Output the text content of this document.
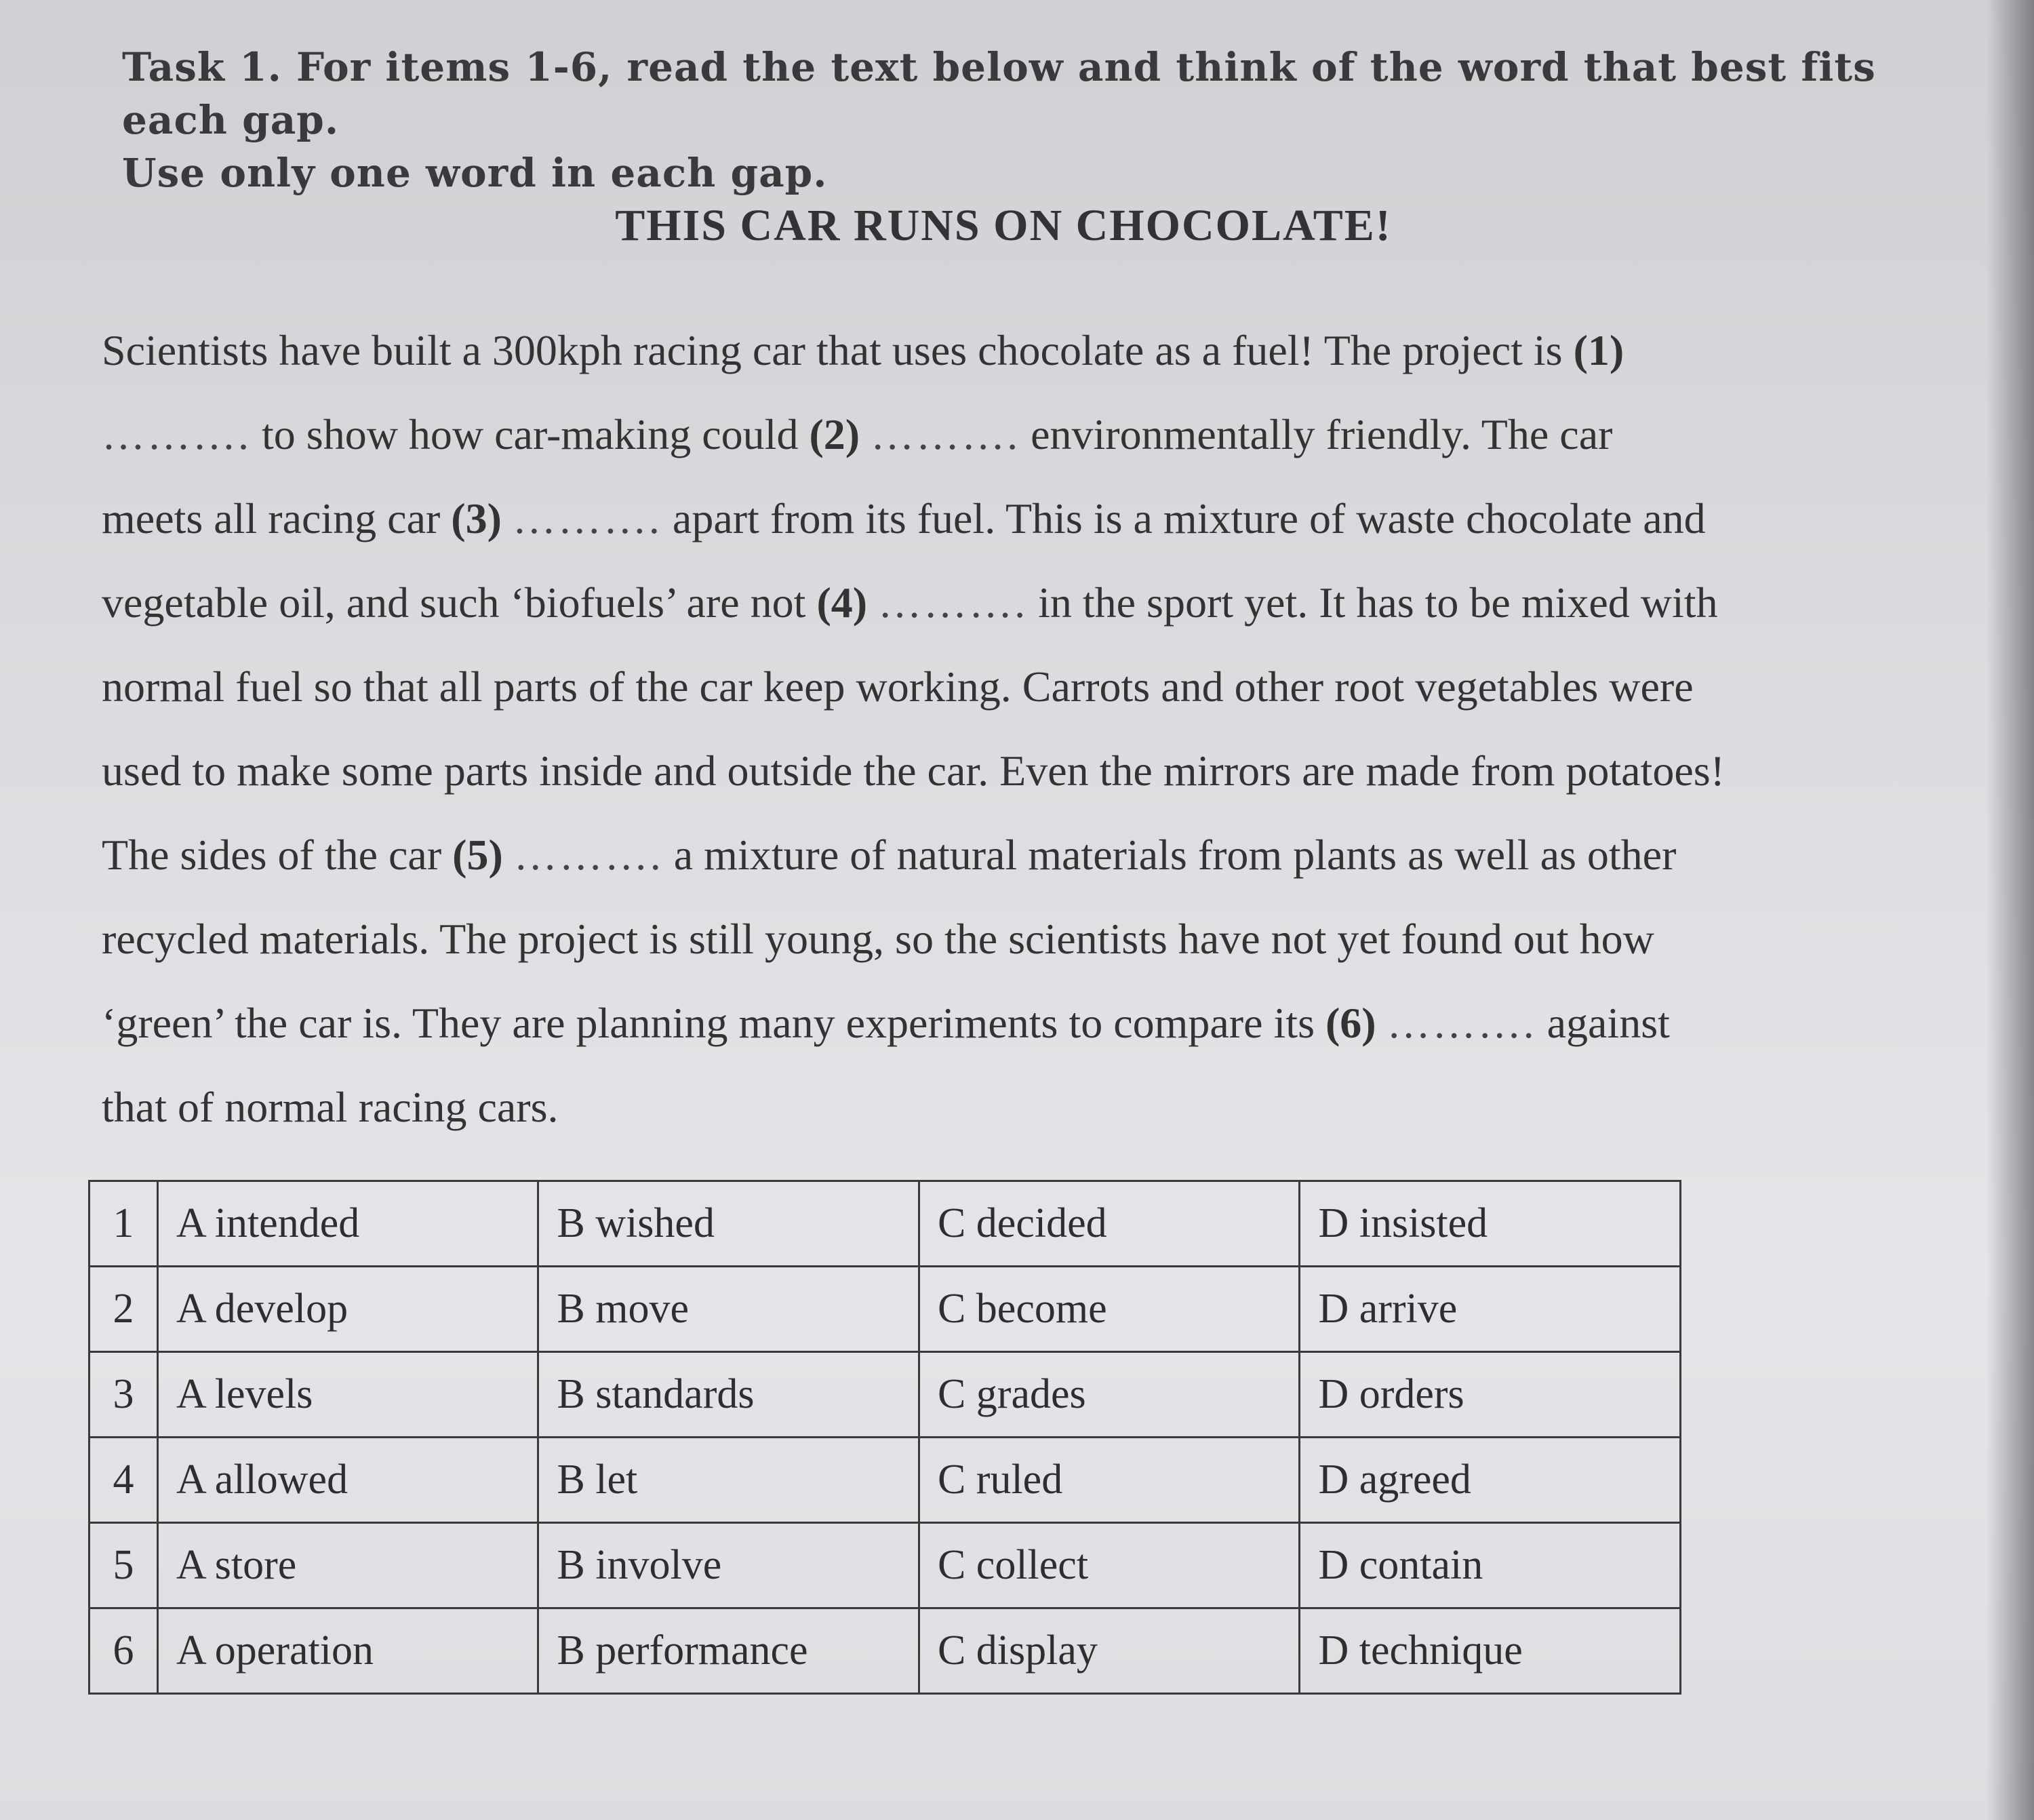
Task 1. For items 1-6, read the text below and think of the word that best fits each gap.
Use only one word in each gap.
THIS CAR RUNS ON CHOCOLATE!
Scientists have built a 300kph racing car that uses chocolate as a fuel! The project is (1)
………. to show how car-making could (2) ………. environmentally friendly. The car
meets all racing car (3) ………. apart from its fuel. This is a mixture of waste chocolate and
vegetable oil, and such ‘biofuels’ are not (4) ………. in the sport yet. It has to be mixed with
normal fuel so that all parts of the car keep working. Carrots and other root vegetables were
used to make some parts inside and outside the car. Even the mirrors are made from potatoes!
The sides of the car (5) ………. a mixture of natural materials from plants as well as other
recycled materials. The project is still young, so the scientists have not yet found out how
‘green’ the car is. They are planning many experiments to compare its (6) ………. against
that of normal racing cars.
1	A intended	B wished	C decided	D insisted
2	A develop	B move	C become	D arrive
3	A levels	B standards	C grades	D orders
4	A allowed	B let	C ruled	D agreed
5	A store	B involve	C collect	D contain
6	A operation	B performance	C display	D technique
